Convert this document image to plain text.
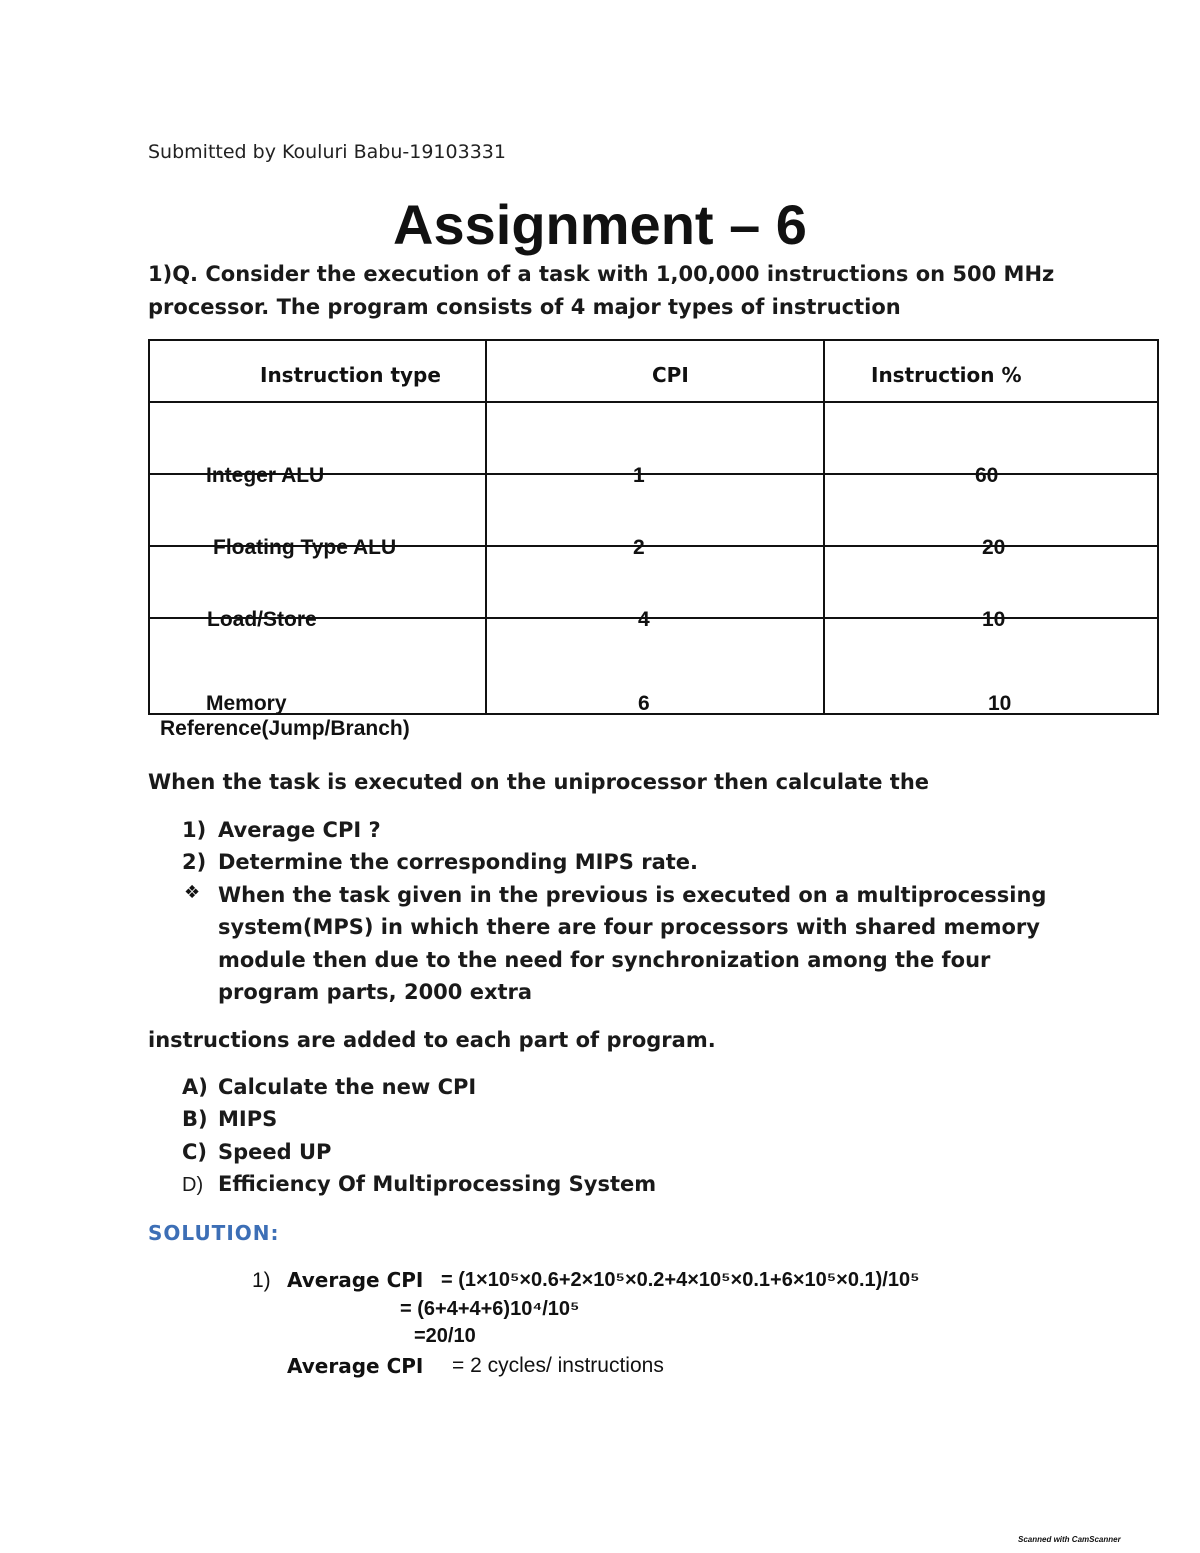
Submitted by Kouluri Babu-19103331
Assignment – 6
1)Q. Consider the execution of a task with 1,00,000 instructions on 500 MHz
processor. The program consists of 4 major types of instruction
Instruction type	CPI	Instruction %

Integer ALU	1	60

Floating Type ALU	2	20

Load/Store	4	10

Memory
Reference(Jump/Branch)	6	10
When the task is executed on the uniprocessor then calculate the
1) Average CPI ?
2) Determine the corresponding MIPS rate.
❖ When the task given in the previous is executed on a multiprocessing
system(MPS) in which there are four processors with shared memory
module then due to the need for synchronization among the four
program parts, 2000 extra
instructions are added to each part of program.
A) Calculate the new CPI
B) MIPS
C) Speed UP
D) Efficiency Of Multiprocessing System
SOLUTION:
1) Average CPI = (1×10⁵×0.6+2×10⁵×0.2+4×10⁵×0.1+6×10⁵×0.1)/10⁵
= (6+4+4+6)10⁴/10⁵
=20/10
Average CPI = 2 cycles/ instructions
Scanned with CamScanner
